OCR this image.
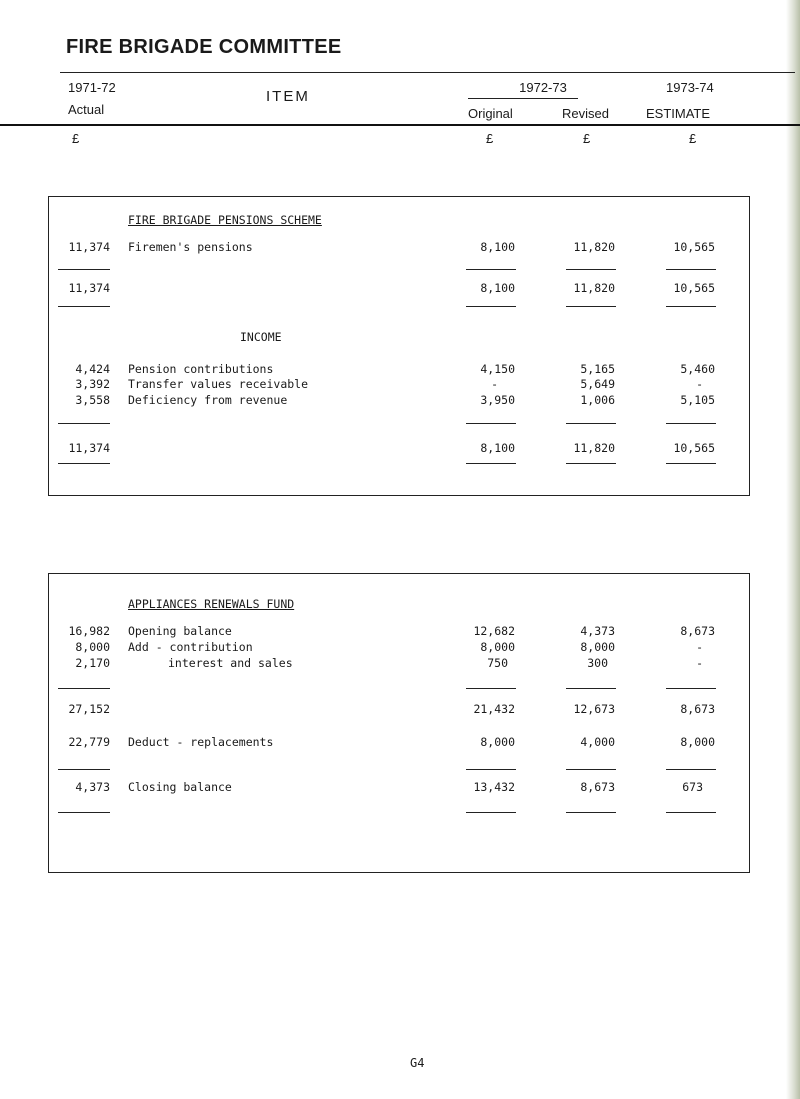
FIRE BRIGADE COMMITTEE
1971-72
Actual
ITEM
1972-73
Original	Revised
1973-74
ESTIMATE
£	£	£	£
FIRE BRIGADE PENSIONS SCHEME
11,374 Firemen's pensions	8,100	11,820	10,565
11,374	8,100	11,820	10,565
INCOME
4,424 Pension contributions	4,150	5,165	5,460
3,392 Transfer values receivable	-	5,649	-
3,558 Deficiency from revenue	3,950	1,006	5,105
11,374	8,100	11,820	10,565
APPLIANCES RENEWALS FUND
16,982 Opening balance	12,682	4,373	8,673
8,000 Add - contribution	8,000	8,000	-
2,170	interest and sales	750	300	-
27,152	21,432	12,673	8,673
22,779 Deduct - replacements	8,000	4,000	8,000
4,373 Closing balance	13,432	8,673	673
G4
